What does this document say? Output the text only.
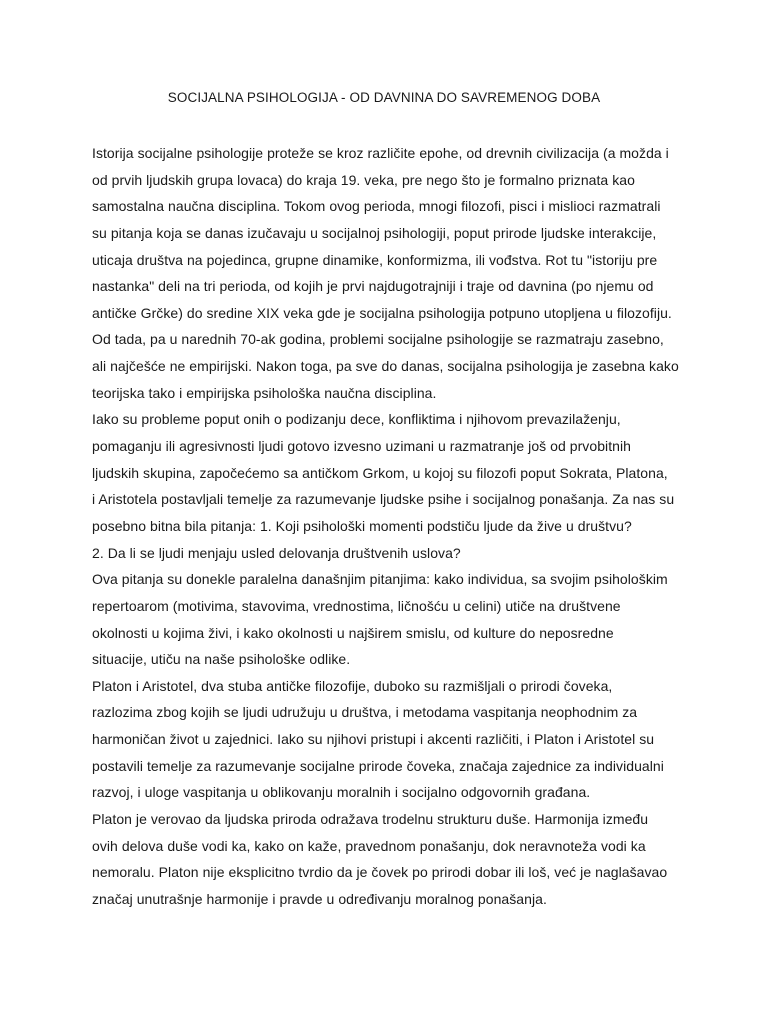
SOCIJALNA PSIHOLOGIJA - OD DAVNINA DO SAVREMENOG DOBA
Istorija socijalne psihologije proteže se kroz različite epohe, od drevnih civilizacija (a možda i
od prvih ljudskih grupa lovaca) do kraja 19. veka, pre nego što je formalno priznata kao
samostalna naučna disciplina. Tokom ovog perioda, mnogi filozofi, pisci i mislioci razmatrali
su pitanja koja se danas izučavaju u socijalnoj psihologiji, poput prirode ljudske interakcije,
uticaja društva na pojedinca, grupne dinamike, konformizma, ili vođstva. Rot tu "istoriju pre
nastanka" deli na tri perioda, od kojih je prvi najdugotrajniji i traje od davnina (po njemu od
antičke Grčke) do sredine XIX veka gde je socijalna psihologija potpuno utopljena u filozofiju.
Od tada, pa u narednih 70-ak godina, problemi socijalne psihologije se razmatraju zasebno,
ali najčešće ne empirijski. Nakon toga, pa sve do danas, socijalna psihologija je zasebna kako
teorijska tako i empirijska psihološka naučna disciplina.
Iako su probleme poput onih o podizanju dece, konfliktima i njihovom prevazilaženju,
pomaganju ili agresivnosti ljudi gotovo izvesno uzimani u razmatranje još od prvobitnih
ljudskih skupina, započećemo sa antičkom Grkom, u kojoj su filozofi poput Sokrata, Platona,
i Aristotela postavljali temelje za razumevanje ljudske psihe i socijalnog ponašanja. Za nas su
posebno bitna bila pitanja: 1. Koji psihološki momenti podstiču ljude da žive u društvu?
2. Da li se ljudi menjaju usled delovanja društvenih uslova?
Ova pitanja su donekle paralelna današnjim pitanjima: kako individua, sa svojim psihološkim
repertoarom (motivima, stavovima, vrednostima, ličnošću u celini) utiče na društvene
okolnosti u kojima živi, i kako okolnosti u najširem smislu, od kulture do neposredne
situacije, utiču na naše psihološke odlike.
Platon i Aristotel, dva stuba antičke filozofije, duboko su razmišljali o prirodi čoveka,
razlozima zbog kojih se ljudi udružuju u društva, i metodama vaspitanja neophodnim za
harmoničan život u zajednici. Iako su njihovi pristupi i akcenti različiti, i Platon i Aristotel su
postavili temelje za razumevanje socijalne prirode čoveka, značaja zajednice za individualni
razvoj, i uloge vaspitanja u oblikovanju moralnih i socijalno odgovornih građana.
Platon je verovao da ljudska priroda odražava trodelnu strukturu duše. Harmonija između
ovih delova duše vodi ka, kako on kaže, pravednom ponašanju, dok neravnoteža vodi ka
nemoralu. Platon nije eksplicitno tvrdio da je čovek po prirodi dobar ili loš, već je naglašavao
značaj unutrašnje harmonije i pravde u određivanju moralnog ponašanja.
